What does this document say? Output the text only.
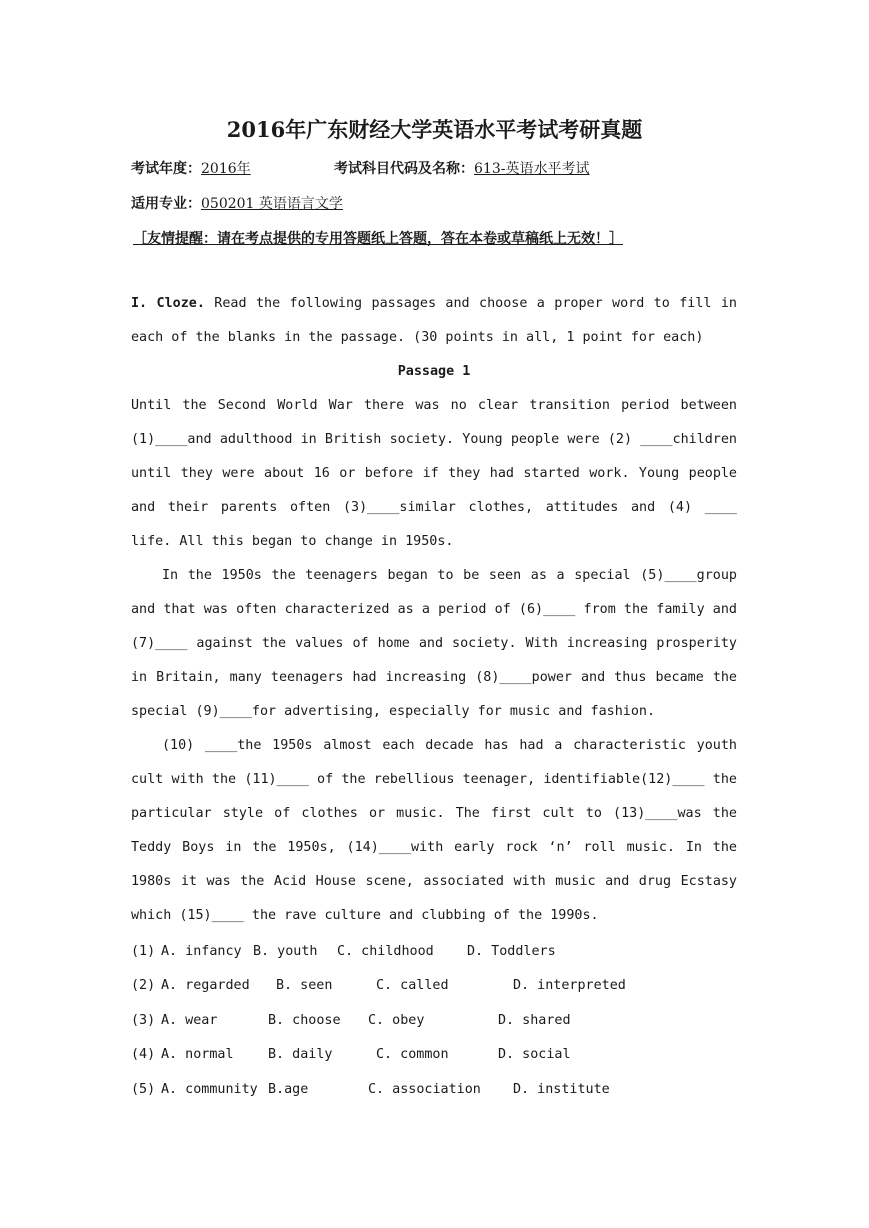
2016年广东财经大学英语水平考试考研真题
考试年度：2016年	考试科目代码及名称：613-英语水平考试
适用专业：050201 英语语言文学
［友情提醒：请在考点提供的专用答题纸上答题，答在本卷或草稿纸上无效！］

I. Cloze. Read the following passages and choose a proper word to fill in each of the blanks in the passage. (30 points in all, 1 point for each)

Passage 1

Until the Second World War there was no clear transition period between (1)____and adulthood in British society. Young people were (2) ____children until they were about 16 or before if they had started work. Young people and their parents often (3)____similar clothes, attitudes and (4) ____ life. All this began to change in 1950s.

In the 1950s the teenagers began to be seen as a special (5)____group and that was often characterized as a period of (6)____ from the family and (7)____ against the values of home and society. With increasing prosperity in Britain, many teenagers had increasing (8)____power and thus became the special (9)____for advertising, especially for music and fashion.

(10) ____the 1950s almost each decade has had a characteristic youth cult with the (11)____ of the rebellious teenager, identifiable(12)____ the particular style of clothes or music. The first cult to (13)____was the Teddy Boys in the 1950s, (14)____with early rock ‘n’ roll music. In the 1980s it was the Acid House scene, associated with music and drug Ecstasy which (15)____ the rave culture and clubbing of the 1990s.

(1) A. infancy B. youth C. childhood D. Toddlers
(2) A. regarded B. seen	C. called	D. interpreted
(3) A. wear	B. choose C. obey	D. shared
(4) A. normal	B. daily	C. common	D. social
(5) A. community B.age	C. association D. institute
